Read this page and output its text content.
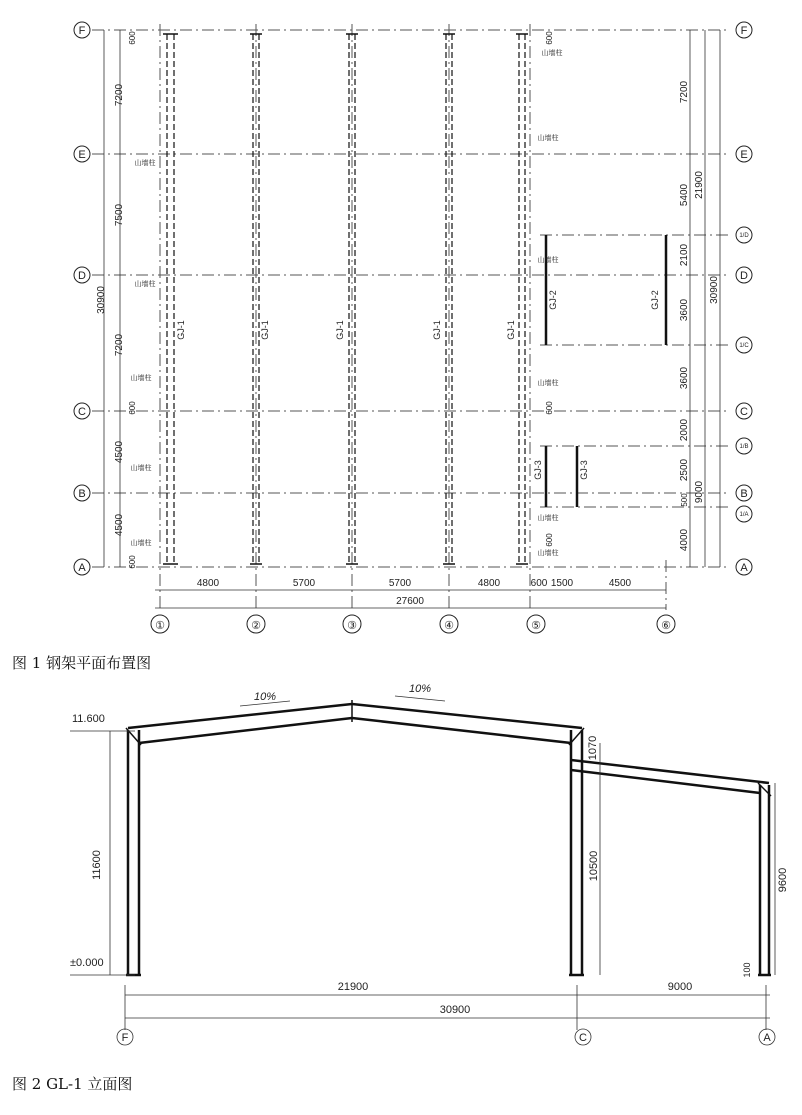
F
E
D
C
B
A
F
E
D
C
B
A
1/D
1/C
1/B
1/A
①	②	③	④	⑤	⑥
4800	5700	5700	4800	600 1500	4500
27600
7200
7500
7200
4500
4500
30900
600
600
600
7200
5400
2100
3600
3600
2000
2500
500
4000
21900
9000
30900
600
600
600
GJ-1	GJ-1	GJ-1	GJ-1	GJ-1
GJ-2	GJ-2
GJ-3	GJ-3
山墙柱
山墙柱
山墙柱
山墙柱
山墙柱
山墙柱
山墙柱
山墙柱
山墙柱
山墙柱
山墙柱
11.600
±0.000
10%
10%
11600
1070
10500	9600
100
21900	9000
30900
F	C	A
图 1 钢架平面布置图
图 2 GL-1 立面图
